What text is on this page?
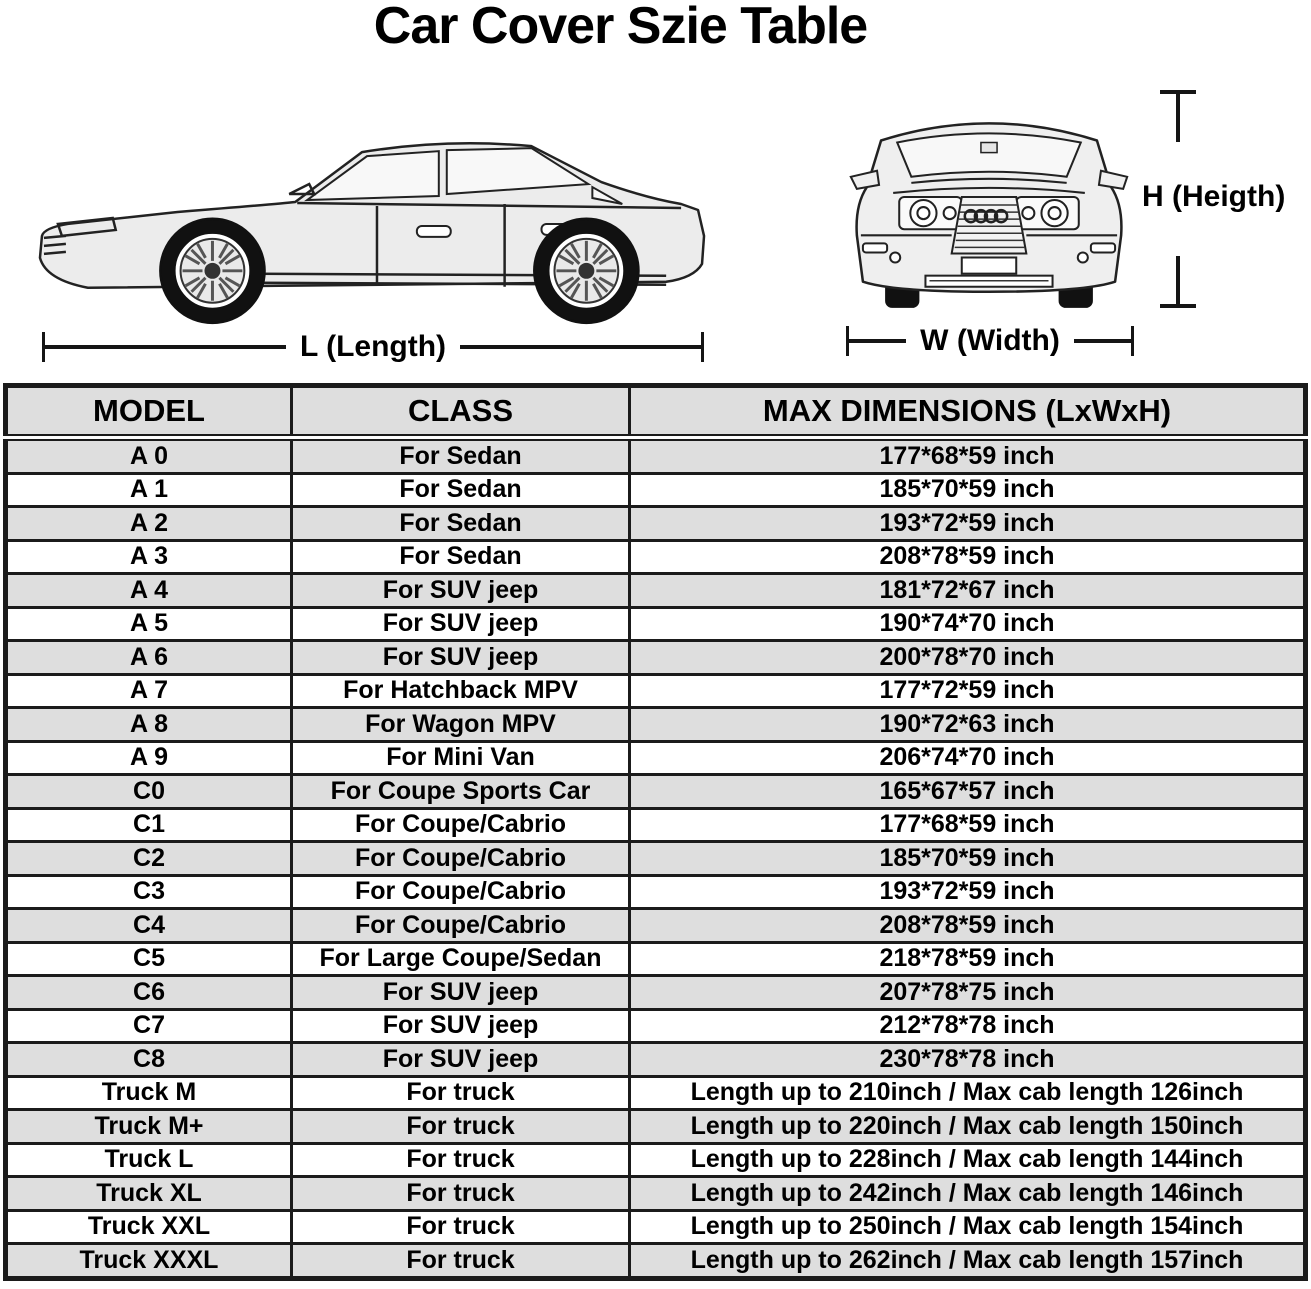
Car Cover Szie Table
L (Length)	W (Width)
H (Heigth)
MODEL	CLASS	MAX DIMENSIONS (LxWxH)
A 0	For Sedan	177*68*59 inch
A 1	For Sedan	185*70*59 inch
A 2	For Sedan	193*72*59 inch
A 3	For Sedan	208*78*59 inch
A 4	For SUV jeep	181*72*67 inch
A 5	For SUV jeep	190*74*70 inch
A 6	For SUV jeep	200*78*70 inch
A 7	For Hatchback MPV	177*72*59 inch
A 8	For Wagon MPV	190*72*63 inch
A 9	For Mini Van	206*74*70 inch
C0	For Coupe Sports Car	165*67*57 inch
C1	For Coupe/Cabrio	177*68*59 inch
C2	For Coupe/Cabrio	185*70*59 inch
C3	For Coupe/Cabrio	193*72*59 inch
C4	For Coupe/Cabrio	208*78*59 inch
C5	For Large Coupe/Sedan	218*78*59 inch
C6	For SUV jeep	207*78*75 inch
C7	For SUV jeep	212*78*78 inch
C8	For SUV jeep	230*78*78 inch
Truck M	For truck	Length up to 210inch / Max cab length 126inch
Truck M+	For truck	Length up to 220inch / Max cab length 150inch
Truck L	For truck	Length up to 228inch / Max cab length 144inch
Truck XL	For truck	Length up to 242inch / Max cab length 146inch
Truck XXL	For truck	Length up to 250inch / Max cab length 154inch
Truck XXXL	For truck	Length up to 262inch / Max cab length 157inch
